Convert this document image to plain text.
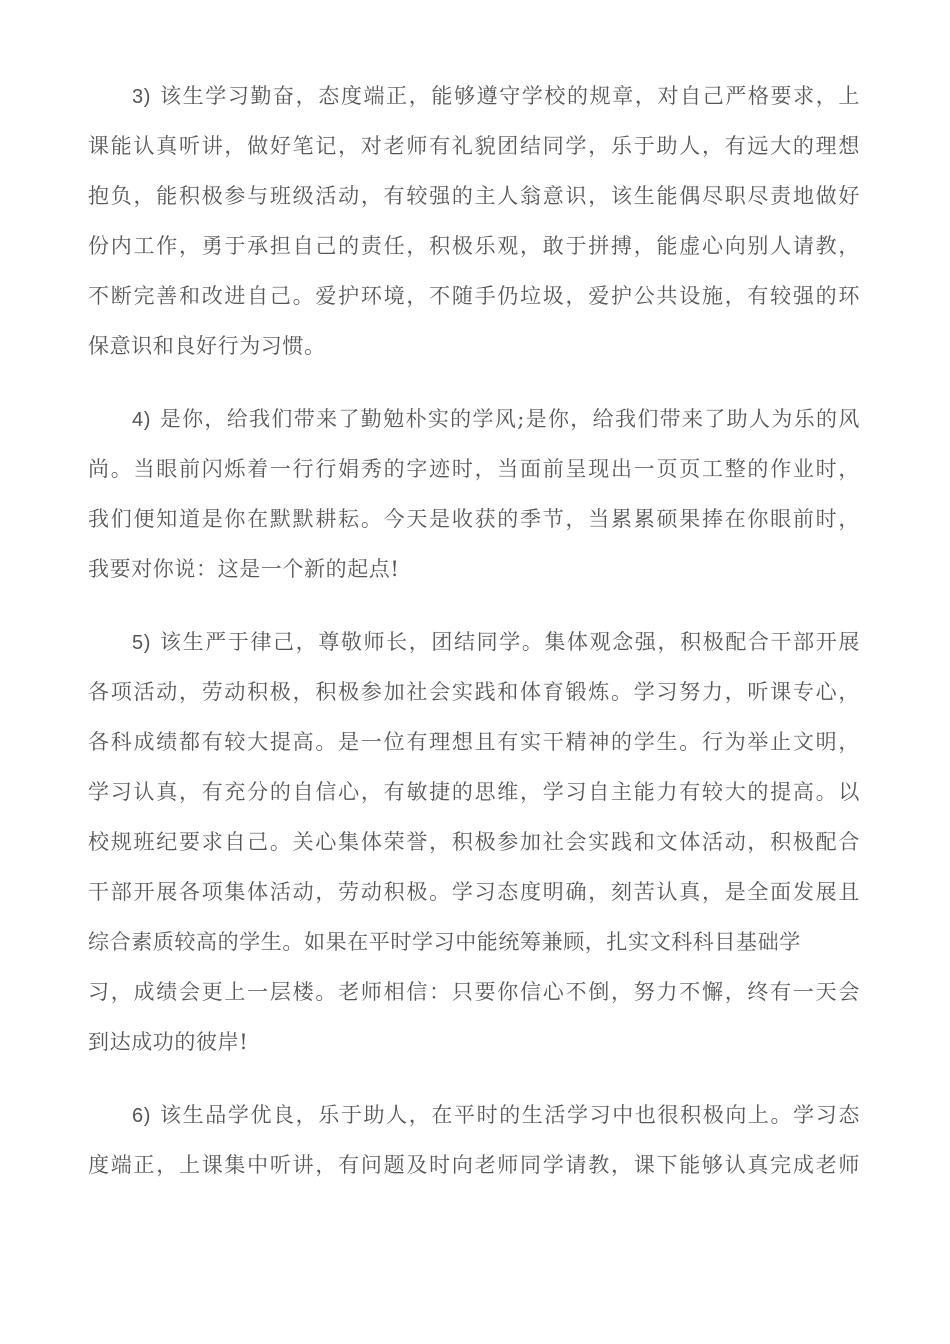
3) 该生学习勤奋，态度端正，能够遵守学校的规章，对自己严格要求，上
课能认真听讲，做好笔记，对老师有礼貌团结同学，乐于助人，有远大的理想
抱负，能积极参与班级活动，有较强的主人翁意识，该生能偶尽职尽责地做好
份内工作，勇于承担自己的责任，积极乐观，敢于拼搏，能虚心向别人请教，
不断完善和改进自己。爱护环境，不随手仍垃圾，爱护公共设施，有较强的环
保意识和良好行为习惯。

4) 是你，给我们带来了勤勉朴实的学风;是你，给我们带来了助人为乐的风
尚。当眼前闪烁着一行行娟秀的字迹时，当面前呈现出一页页工整的作业时，
我们便知道是你在默默耕耘。今天是收获的季节，当累累硕果捧在你眼前时，
我要对你说：这是一个新的起点!

5) 该生严于律己，尊敬师长，团结同学。集体观念强，积极配合干部开展
各项活动，劳动积极，积极参加社会实践和体育锻炼。学习努力，听课专心，
各科成绩都有较大提高。是一位有理想且有实干精神的学生。行为举止文明，
学习认真，有充分的自信心，有敏捷的思维，学习自主能力有较大的提高。以
校规班纪要求自己。关心集体荣誉，积极参加社会实践和文体活动，积极配合
干部开展各项集体活动，劳动积极。学习态度明确，刻苦认真，是全面发展且
综合素质较高的学生。如果在平时学习中能统筹兼顾，扎实文科科目基础学
习，成绩会更上一层楼。老师相信：只要你信心不倒，努力不懈，终有一天会
到达成功的彼岸!

6) 该生品学优良，乐于助人，在平时的生活学习中也很积极向上。学习态
度端正，上课集中听讲，有问题及时向老师同学请教，课下能够认真完成老师
